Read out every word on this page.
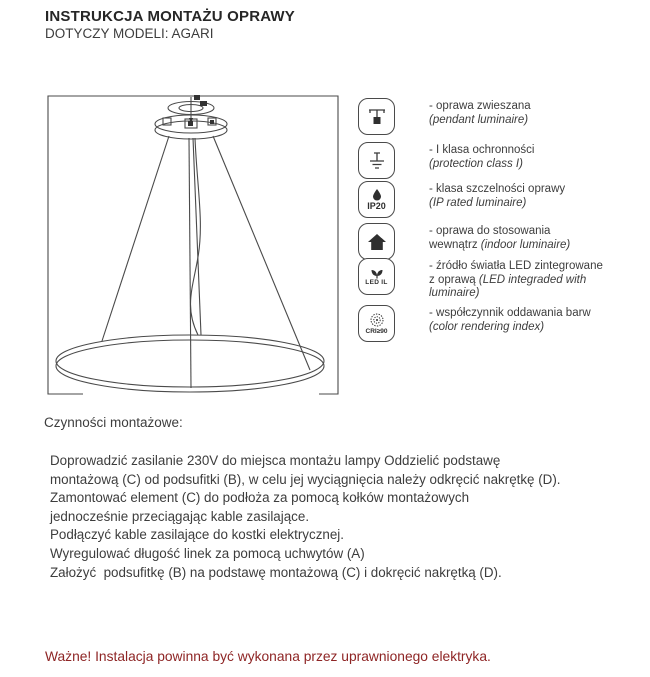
INSTRUKCJA MONTAŻU OPRAWY
DOTYCZY MODELI: AGARI
- oprawa zwieszana
(pendant luminaire)
- I klasa ochronności
(protection class I)
IP20
- klasa szczelności oprawy
(IP rated luminaire)
- oprawa do stosowania
wewnątrz (indoor luminaire)
LED IL
- źródło światła LED zintegrowane
z oprawą (LED integraded with
luminaire)
CRI≥90
- współczynnik oddawania barw
(color rendering index)
Czynności montażowe:
Doprowadzić zasilanie 230V do miejsca montażu lampy Oddzielić podstawę
montażową (C) od podsufitki (B), w celu jej wyciągnięcia należy odkręcić nakrętkę (D).
Zamontować element (C) do podłoża za pomocą kołków montażowych
jednocześnie przeciągając kable zasilające.
Podłączyć kable zasilające do kostki elektrycznej.
Wyregulować długość linek za pomocą uchwytów (A)
Założyć  podsufitkę (B) na podstawę montażową (C) i dokręcić nakrętką (D).
Ważne! Instalacja powinna być wykonana przez uprawnionego elektryka.
